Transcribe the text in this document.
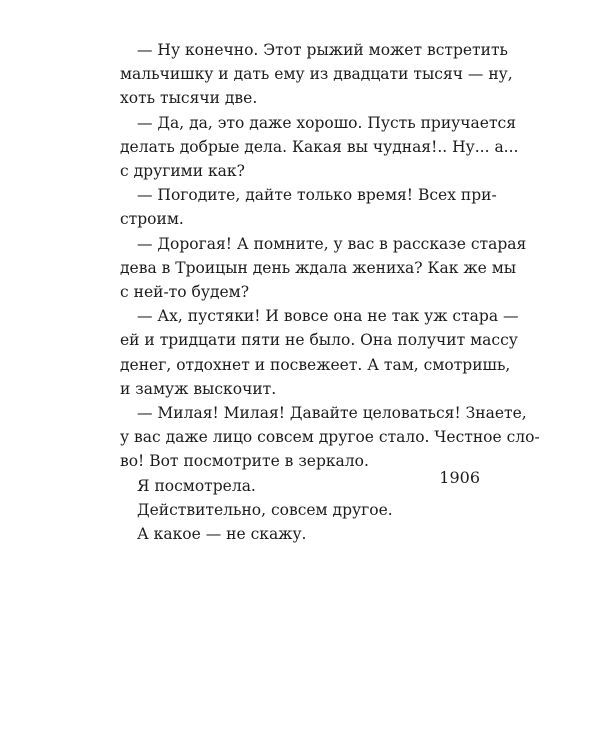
— Ну конечно. Этот рыжий может встретить
мальчишку и дать ему из двадцати тысяч — ну,
хоть тысячи две.

— Да, да, это даже хорошо. Пусть приучается
делать добрые дела. Какая вы чудная!.. Ну... а...
с другими как?

— Погодите, дайте только время! Всех при-
строим.

— Дорогая! А помните, у вас в рассказе старая
дева в Троицын день ждала жениха? Как же мы
с ней-то будем?

— Ах, пустяки! И вовсе она не так уж стара —
ей и тридцати пяти не было. Она получит массу
денег, отдохнет и посвежеет. А там, смотришь,
и замуж выскочит.

— Милая! Милая! Давайте целоваться! Знаете,
у вас даже лицо совсем другое стало. Честное сло-
во! Вот посмотрите в зеркало.

Я посмотрела.

Действительно, совсем другое.

А какое — не скажу.

1906
